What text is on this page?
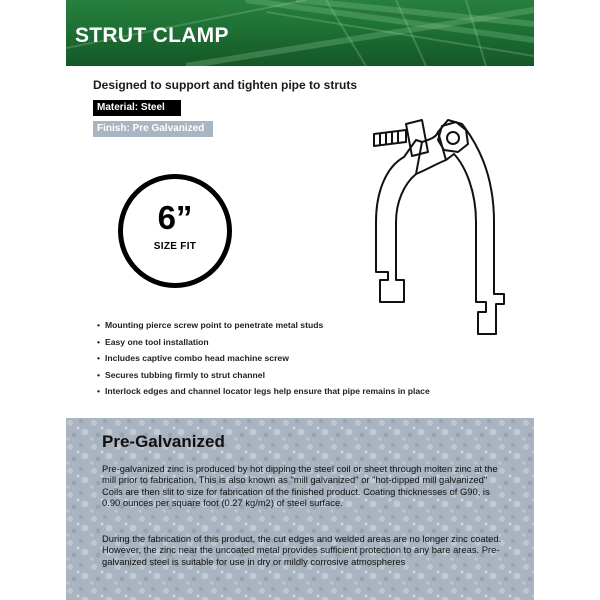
STRUT CLAMP
Designed to support and tighten pipe to struts
Material: Steel
Finish: Pre Galvanized
6”
SIZE FIT
• Mounting pierce screw point to penetrate metal studs
• Easy one tool installation
• Includes captive combo head machine screw
• Secures tubbing firmly to strut channel
• Interlock edges and channel locator legs help ensure that pipe remains in place
Pre-Galvanized

Pre-galvanized zinc is produced by hot dipping the steel coil or sheet through molten zinc at the mill prior to fabrication. This is also known as "mill galvanized" or "hot-dipped mill galvanized" Coils are then slit to size for fabrication of the finished product. Coating thicknesses of G90, is 0.90 ounces per square foot (0.27 kg/m2) of steel surface.

During the fabrication of this product, the cut edges and welded areas are no longer zinc coated. However, the zinc near the uncoated metal provides sufficient protection to any bare areas. Pre-galvanized steel is suitable for use in dry or mildly corrosive atmospheres
